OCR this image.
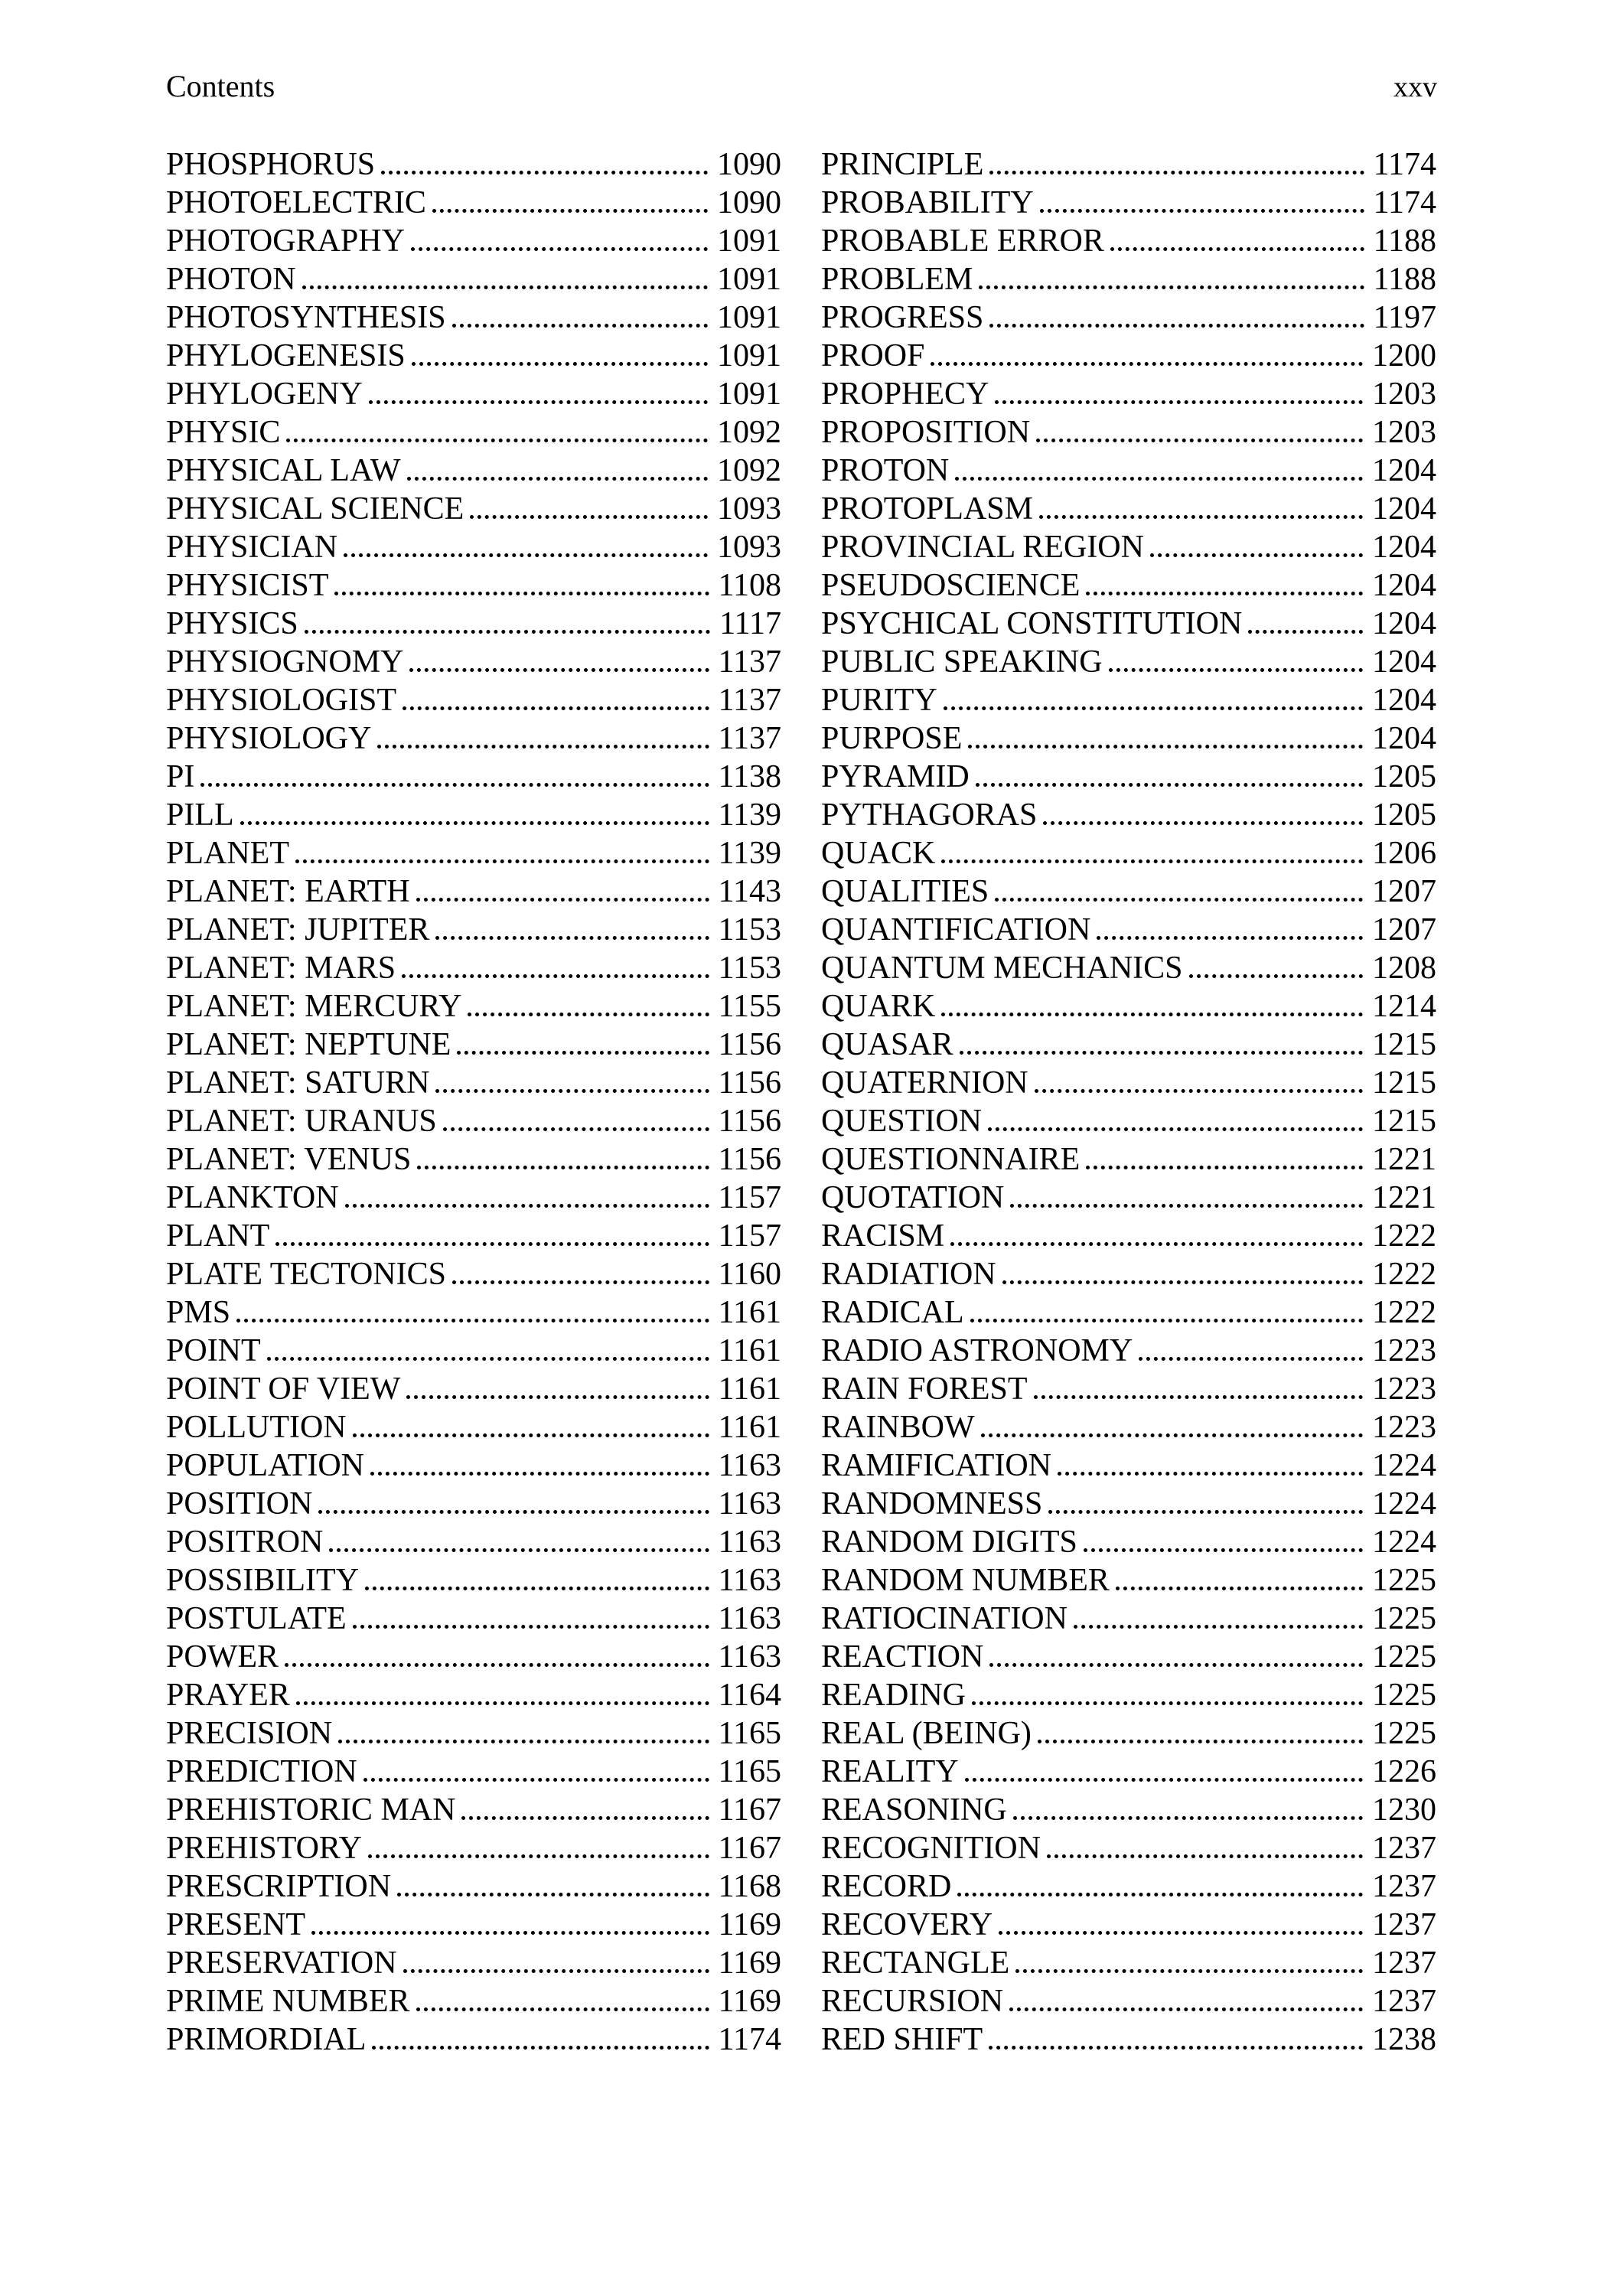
Contents	xxv
PHOSPHORUS	1090
PHOTOELECTRIC	1090
PHOTOGRAPHY	1091
PHOTON	1091
PHOTOSYNTHESIS	1091
PHYLOGENESIS	1091
PHYLOGENY	1091
PHYSIC	1092
PHYSICAL LAW	1092
PHYSICAL SCIENCE	1093
PHYSICIAN	1093
PHYSICIST	1108
PHYSICS	1117
PHYSIOGNOMY	1137
PHYSIOLOGIST	1137
PHYSIOLOGY	1137
PI	1138
PILL	1139
PLANET	1139
PLANET: EARTH	1143
PLANET: JUPITER	1153
PLANET: MARS	1153
PLANET: MERCURY	1155
PLANET: NEPTUNE	1156
PLANET: SATURN	1156
PLANET: URANUS	1156
PLANET: VENUS	1156
PLANKTON	1157
PLANT	1157
PLATE TECTONICS	1160
PMS	1161
POINT	1161
POINT OF VIEW	1161
POLLUTION	1161
POPULATION	1163
POSITION	1163
POSITRON	1163
POSSIBILITY	1163
POSTULATE	1163
POWER	1163
PRAYER	1164
PRECISION	1165
PREDICTION	1165
PREHISTORIC MAN	1167
PREHISTORY	1167
PRESCRIPTION	1168
PRESENT	1169
PRESERVATION	1169
PRIME NUMBER	1169
PRIMORDIAL	1174
PRINCIPLE	1174
PROBABILITY	1174
PROBABLE ERROR	1188
PROBLEM	1188
PROGRESS	1197
PROOF	1200
PROPHECY	1203
PROPOSITION	1203
PROTON	1204
PROTOPLASM	1204
PROVINCIAL REGION	1204
PSEUDOSCIENCE	1204
PSYCHICAL CONSTITUTION	1204
PUBLIC SPEAKING	1204
PURITY	1204
PURPOSE	1204
PYRAMID	1205
PYTHAGORAS	1205
QUACK	1206
QUALITIES	1207
QUANTIFICATION	1207
QUANTUM MECHANICS	1208
QUARK	1214
QUASAR	1215
QUATERNION	1215
QUESTION	1215
QUESTIONNAIRE	1221
QUOTATION	1221
RACISM	1222
RADIATION	1222
RADICAL	1222
RADIO ASTRONOMY	1223
RAIN FOREST	1223
RAINBOW	1223
RAMIFICATION	1224
RANDOMNESS	1224
RANDOM DIGITS	1224
RANDOM NUMBER	1225
RATIOCINATION	1225
REACTION	1225
READING	1225
REAL (BEING)	1225
REALITY	1226
REASONING	1230
RECOGNITION	1237
RECORD	1237
RECOVERY	1237
RECTANGLE	1237
RECURSION	1237
RED SHIFT	1238
